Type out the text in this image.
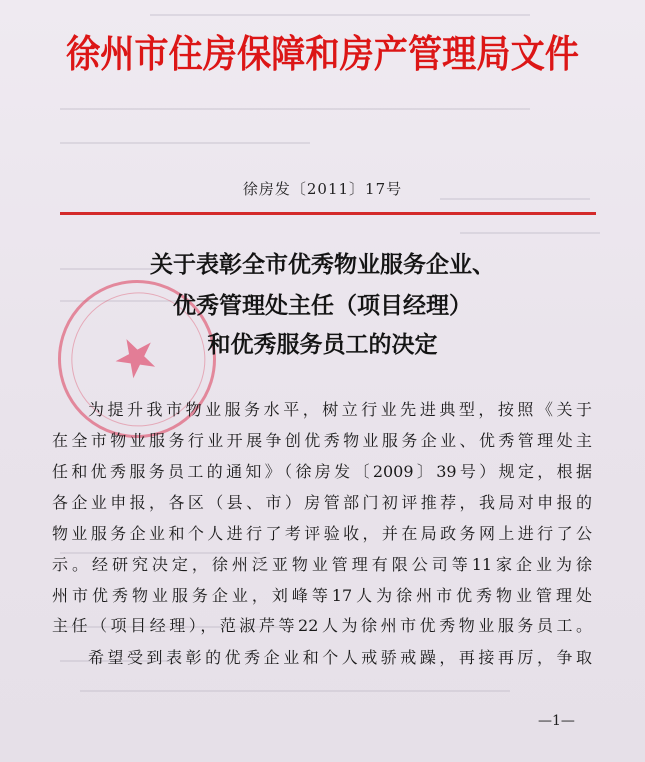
徐州市住房保障和房产管理局文件
徐房发〔2011〕17号
★
关于表彰全市优秀物业服务企业、
优秀管理处主任（项目经理）
和优秀服务员工的决定
为提升我市物业服务水平，树立行业先进典型，按照《关于
在全市物业服务行业开展争创优秀物业服务企业、优秀管理处主
任和优秀服务员工的通知》（徐房发〔2009〕39号）规定，根据
各企业申报，各区（县、市）房管部门初评推荐，我局对申报的
物业服务企业和个人进行了考评验收，并在局政务网上进行了公
示。经研究决定，徐州泛亚物业管理有限公司等11家企业为徐
州市优秀物业服务企业，刘峰等17人为徐州市优秀物业管理处
主任（项目经理），范淑芹等22人为徐州市优秀物业服务员工。
希望受到表彰的优秀企业和个人戒骄戒躁，再接再厉，争取
—1—
